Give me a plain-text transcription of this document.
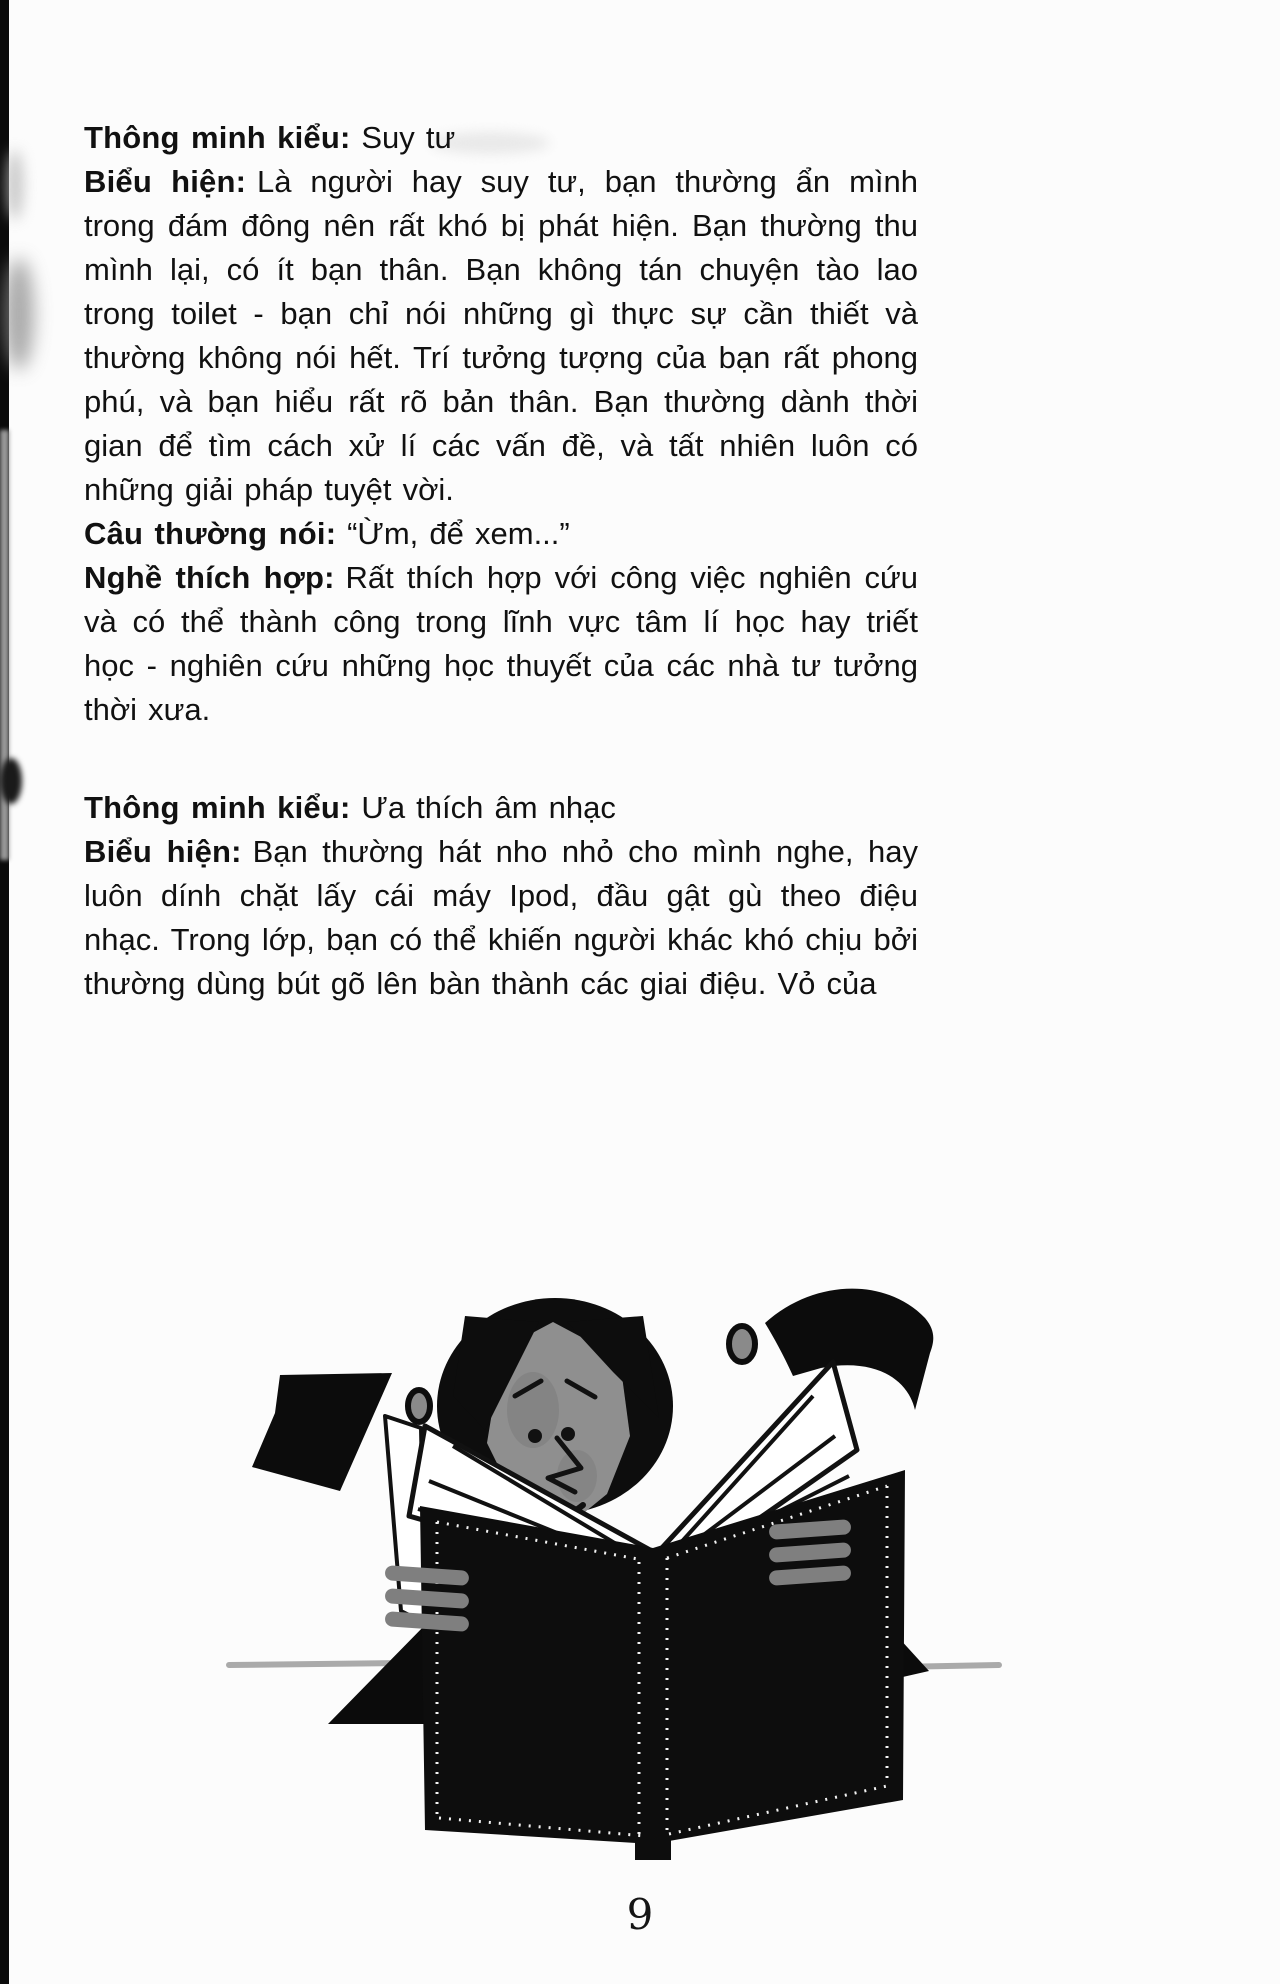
Thông minh kiểu: Suy tư

Biểu hiện: Là người hay suy tư, bạn thường ẩn mình trong đám đông nên rất khó bị phát hiện. Bạn thường thu mình lại, có ít bạn thân. Bạn không tán chuyện tào lao trong toilet - bạn chỉ nói những gì thực sự cần thiết và thường không nói hết. Trí tưởng tượng của bạn rất phong phú, và bạn hiểu rất rõ bản thân. Bạn thường dành thời gian để tìm cách xử lí các vấn đề, và tất nhiên luôn có những giải pháp tuyệt vời.

Câu thường nói: “Ừm, để xem...”

Nghề thích hợp: Rất thích hợp với công việc nghiên cứu và có thể thành công trong lĩnh vực tâm lí học hay triết học - nghiên cứu những học thuyết của các nhà tư tưởng thời xưa.

Thông minh kiểu: Ưa thích âm nhạc

Biểu hiện: Bạn thường hát nho nhỏ cho mình nghe, hay luôn dính chặt lấy cái máy Ipod, đầu gật gù theo điệu nhạc. Trong lớp, bạn có thể khiến người khác khó chịu bởi thường dùng bút gõ lên bàn thành các giai điệu. Vỏ của

9
